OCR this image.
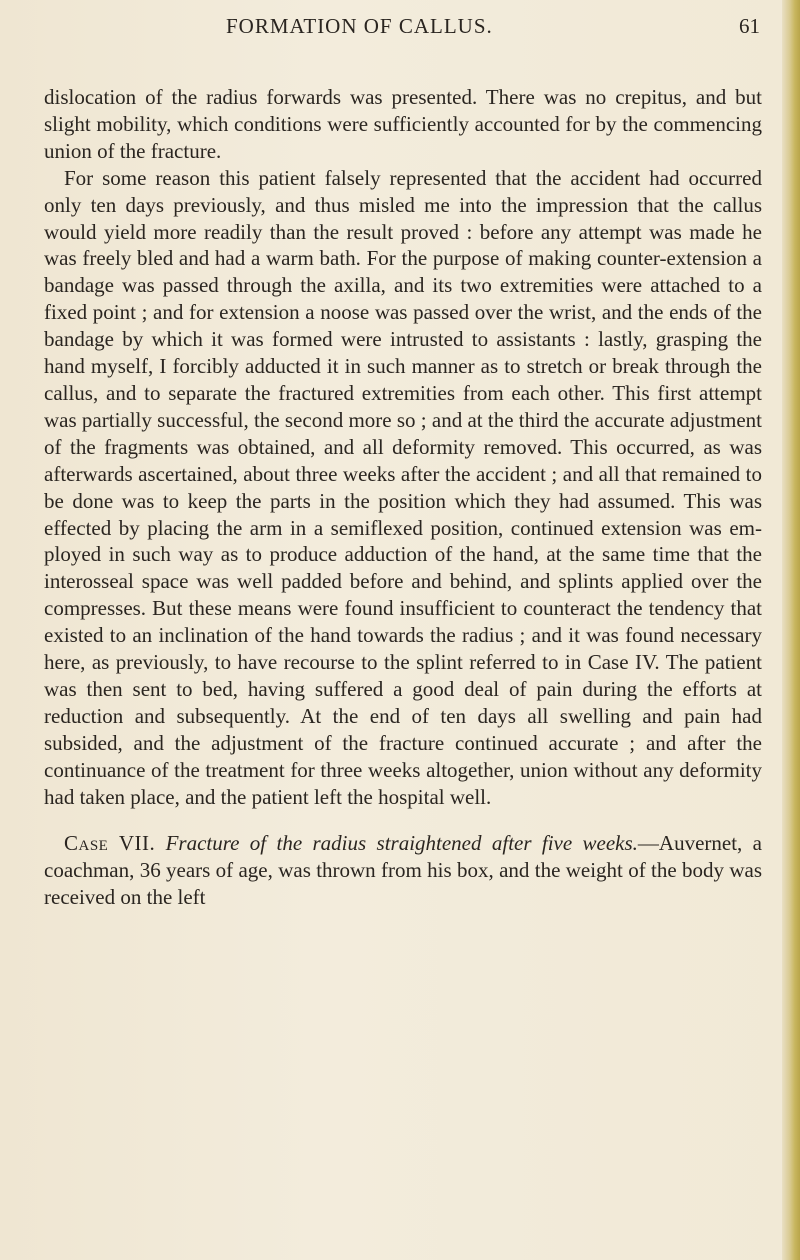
FORMATION OF CALLUS.	61

dislocation of the radius forwards was presented. There was no crepitus, and but slight mobility, which conditions were sufficiently accounted for by the commencing union of the fracture.

For some reason this patient falsely represented that the accident had occurred only ten days previously, and thus misled me into the impression that the callus would yield more readily than the result proved : before any attempt was made he was freely bled and had a warm bath. For the purpose of making counter-extension a bandage was passed through the axilla, and its two extremities were attached to a fixed point ; and for extension a noose was passed over the wrist, and the ends of the bandage by which it was formed were intrusted to assistants : lastly, grasping the hand myself, I forcibly adducted it in such manner as to stretch or break through the callus, and to separate the fractured extremities from each other. This first attempt was partially successful, the second more so ; and at the third the accurate adjustment of the fragments was obtained, and all deformity removed. This occurred, as was afterwards ascertained, about three weeks after the accident ; and all that remained to be done was to keep the parts in the position which they had assumed. This was effected by placing the arm in a semiflexed position, continued extension was employed in such way as to produce adduction of the hand, at the same time that the interosseal space was well padded before and behind, and splints applied over the compresses. But these means were found insufficient to counteract the tendency that existed to an inclination of the hand towards the radius ; and it was found necessary here, as previously, to have recourse to the splint referred to in Case IV. The patient was then sent to bed, having suffered a good deal of pain during the efforts at reduction and subsequently. At the end of ten days all swelling and pain had subsided, and the adjustment of the fracture continued accurate ; and after the continuance of the treatment for three weeks altogether, union without any deformity had taken place, and the patient left the hospital well.

Case VII. Fracture of the radius straightened after five weeks.—Auvernet, a coachman, 36 years of age, was thrown from his box, and the weight of the body was received on the left
